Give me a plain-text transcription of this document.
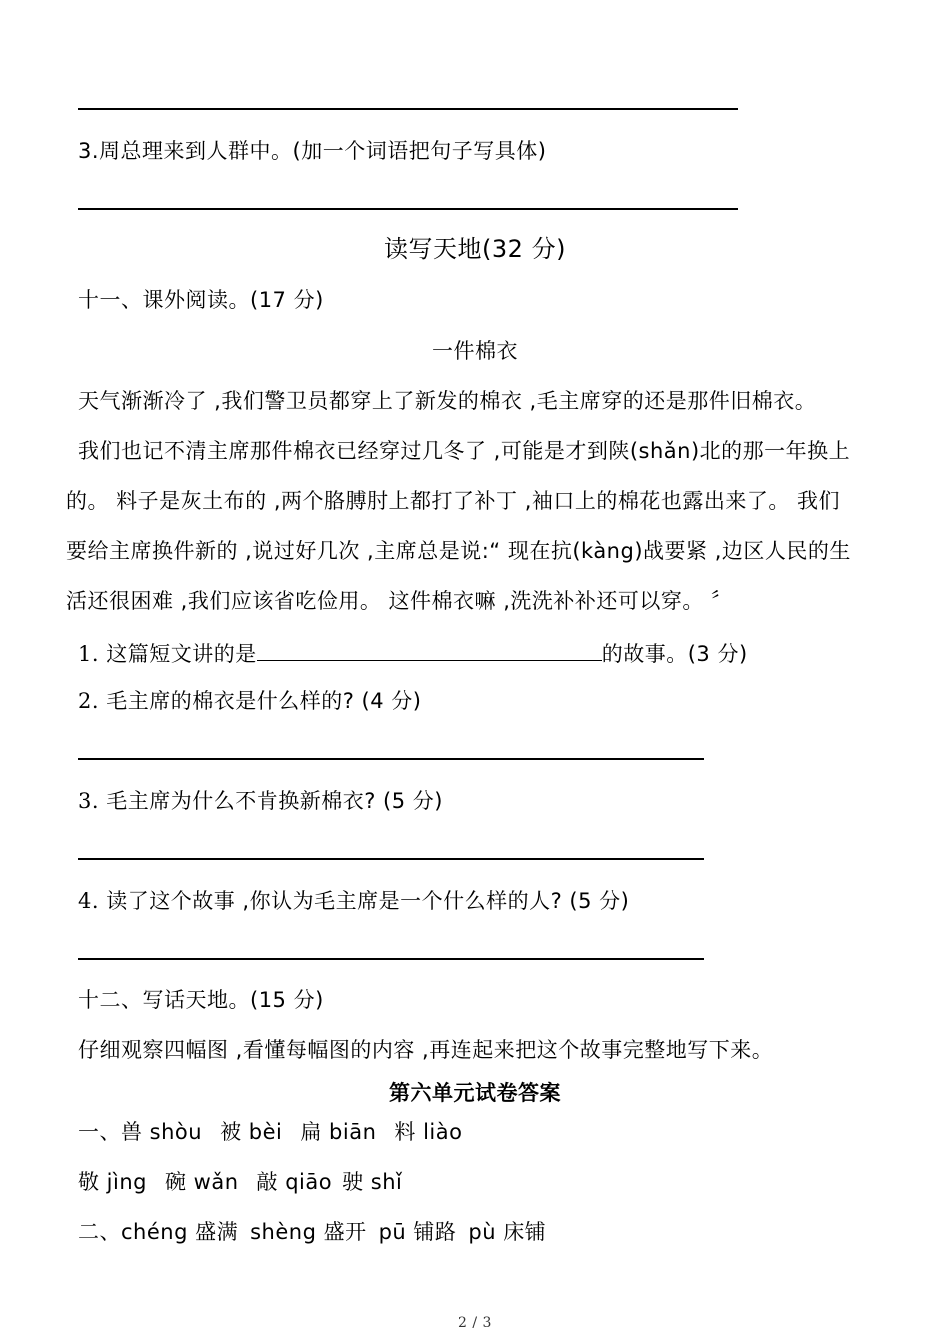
3.周总理来到人群中。(加一个词语把句子写具体)
读写天地(32 分)
十一、课外阅读。(17 分)
一件棉衣
天气渐渐冷了 ,我们警卫员都穿上了新发的棉衣 ,毛主席穿的还是那件旧棉衣。
我们也记不清主席那件棉衣已经穿过几冬了 ,可能是才到陕(shǎn)北的那一年换上
的。 料子是灰土布的 ,两个胳膊肘上都打了补丁 ,袖口上的棉花也露出来了。 我们
要给主席换件新的 ,说过好几次 ,主席总是说:“ 现在抗(kàng)战要紧 ,边区人民的生
活还很困难 ,我们应该省吃俭用。 这件棉衣嘛 ,洗洗补补还可以穿。 〞
1. 这篇短文讲的是	的故事。(3 分)
2. 毛主席的棉衣是什么样的? (4 分)
3. 毛主席为什么不肯换新棉衣? (5 分)
4. 读了这个故事 ,你认为毛主席是一个什么样的人? (5 分)
十二、写话天地。(15 分)
仔细观察四幅图 ,看懂每幅图的内容 ,再连起来把这个故事完整地写下来。
第六单元试卷答案
一、兽 shòu 被 bèi 扁 biān 料 liào
敬 jìng 碗 wǎn 敲 qiāo 驶 shǐ
二、chéng 盛满 shèng 盛开 pū 铺路 pù 床铺
2 / 3
